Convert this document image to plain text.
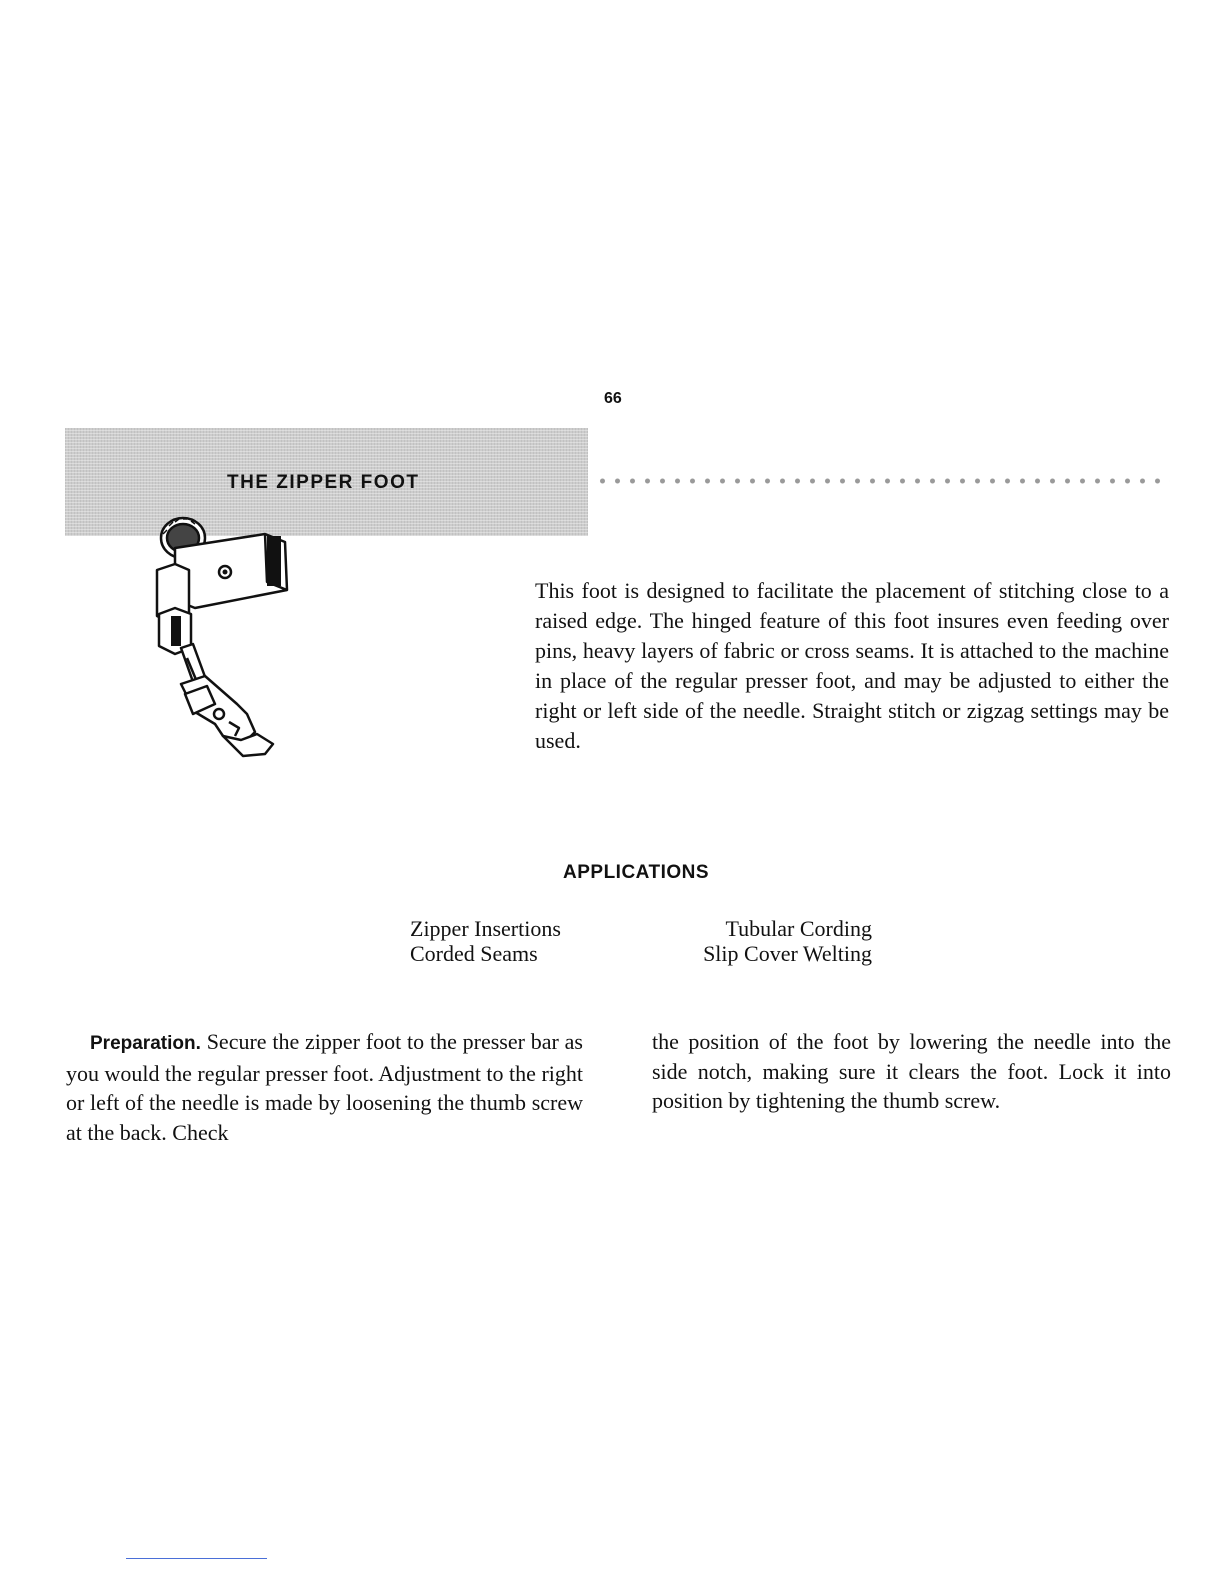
66
THE ZIPPER FOOT

This foot is designed to facilitate the placement of stitching close to a raised edge. The hinged feature of this foot insures even feeding over pins, heavy layers of fabric or cross seams. It is attached to the machine in place of the regular presser foot, and may be adjusted to either the right or left side of the needle. Straight stitch or zigzag settings may be used.

APPLICATIONS
Zipper Insertions
Corded Seams
Tubular Cording
Slip Cover Welting

Preparation. Secure the zipper foot to the presser bar as you would the regular presser foot. Adjustment to the right or left of the needle is made by loosening the thumb screw at the back. Check

the position of the foot by lowering the needle into the side notch, making sure it clears the foot. Lock it into position by tightening the thumb screw.
